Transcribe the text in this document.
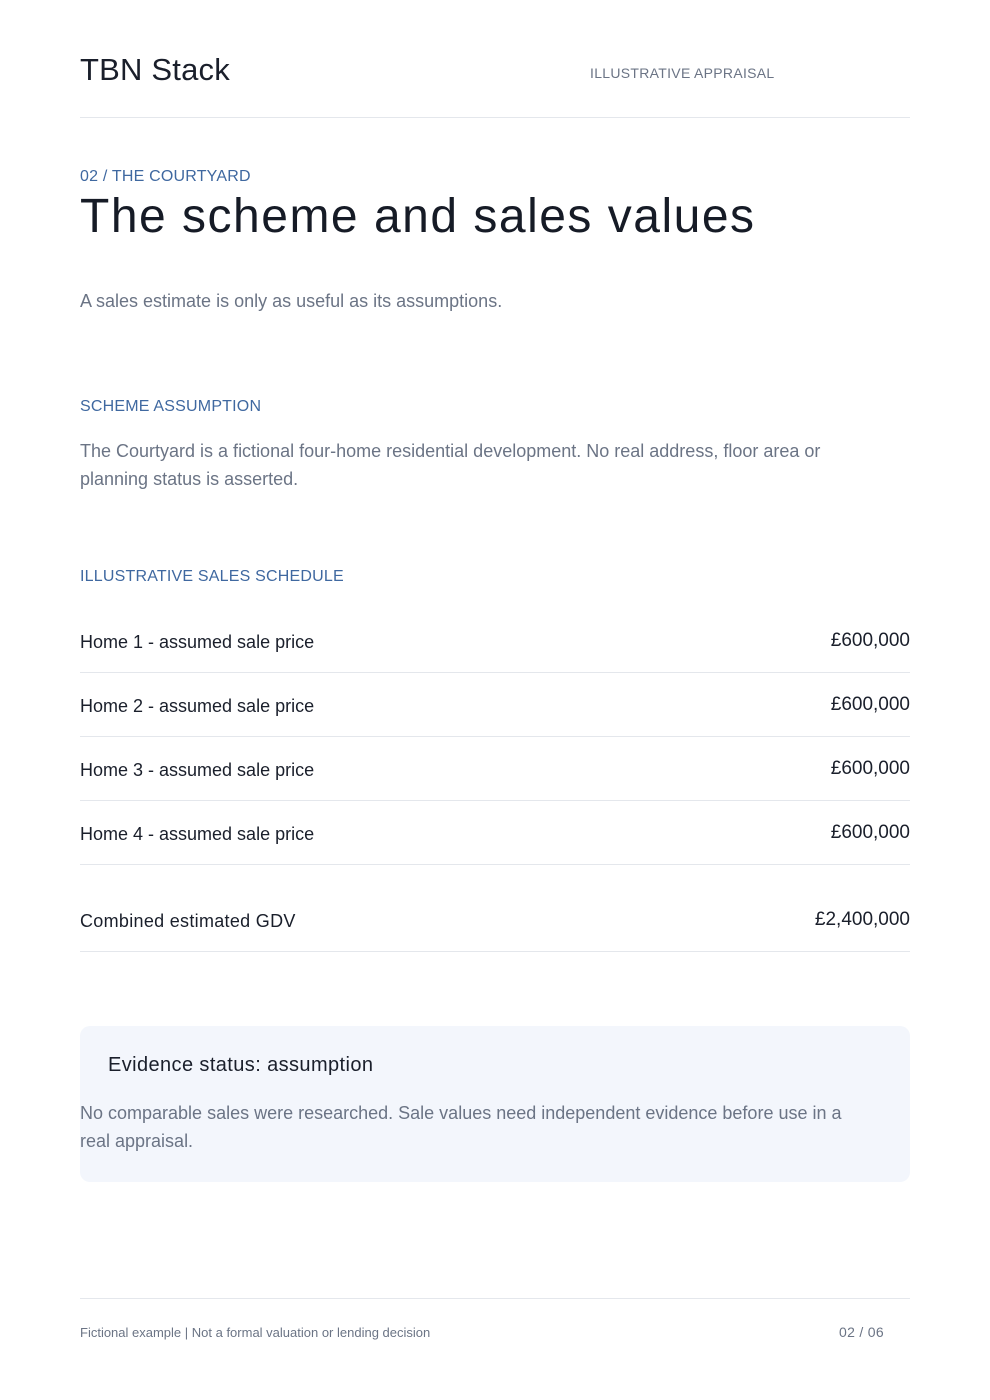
TBN Stack	ILLUSTRATIVE APPRAISAL
02 / THE COURTYARD
The scheme and sales values
A sales estimate is only as useful as its assumptions.
SCHEME ASSUMPTION
The Courtyard is a fictional four-home residential development. No real address, floor area or planning status is asserted.
ILLUSTRATIVE SALES SCHEDULE
Home 1 - assumed sale price	£600,000
Home 2 - assumed sale price	£600,000
Home 3 - assumed sale price	£600,000
Home 4 - assumed sale price	£600,000
Combined estimated GDV	£2,400,000
Evidence status: assumption
No comparable sales were researched. Sale values need independent evidence before use in a real appraisal.
Fictional example | Not a formal valuation or lending decision	02 / 06
